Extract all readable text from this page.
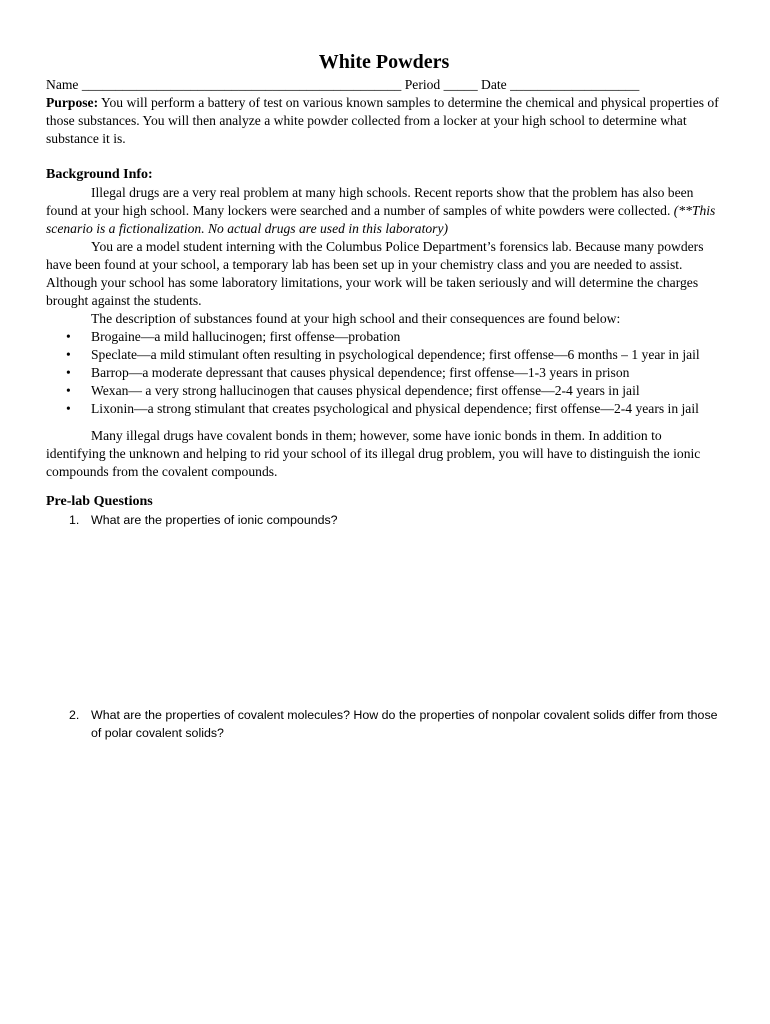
White Powders

Name _______________________________________________ Period _____ Date ___________________

Purpose: You will perform a battery of test on various known samples to determine the chemical and physical properties of those substances. You will then analyze a white powder collected from a locker at your high school to determine what substance it is.

Background Info:

Illegal drugs are a very real problem at many high schools. Recent reports show that the problem has also been found at your high school. Many lockers were searched and a number of samples of white powders were collected. (**This scenario is a fictionalization. No actual drugs are used in this laboratory)

You are a model student interning with the Columbus Police Department’s forensics lab. Because many powders have been found at your school, a temporary lab has been set up in your chemistry class and you are needed to assist. Although your school has some laboratory limitations, your work will be taken seriously and will determine the charges brought against the students.

The description of substances found at your high school and their consequences are found below:

• Brogaine—a mild hallucinogen; first offense—probation
• Speclate—a mild stimulant often resulting in psychological dependence; first offense—6 months – 1 year in jail
• Barrop—a moderate depressant that causes physical dependence; first offense—1-3 years in prison
• Wexan— a very strong hallucinogen that causes physical dependence; first offense—2-4 years in jail
• Lixonin—a strong stimulant that creates psychological and physical dependence; first offense—2-4 years in jail

Many illegal drugs have covalent bonds in them; however, some have ionic bonds in them. In addition to identifying the unknown and helping to rid your school of its illegal drug problem, you will have to distinguish the ionic compounds from the covalent compounds.

Pre-lab Questions

1. What are the properties of ionic compounds?
2. What are the properties of covalent molecules? How do the properties of nonpolar covalent solids differ from those of polar covalent solids?
